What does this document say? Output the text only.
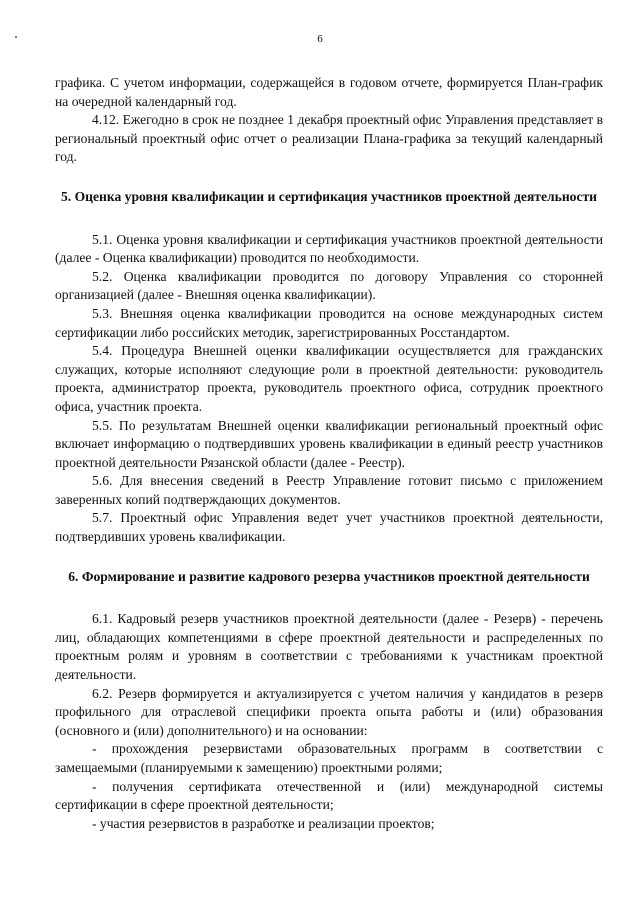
6

графика. С учетом информации, содержащейся в годовом отчете, формируется План-график на очередной календарный год.

4.12. Ежегодно в срок не позднее 1 декабря проектный офис Управления представляет в региональный проектный офис отчет о реализации Плана-графика за текущий календарный год.

5. Оценка уровня квалификации и сертификация участников проектной деятельности

5.1. Оценка уровня квалификации и сертификация участников проектной деятельности (далее - Оценка квалификации) проводится по необходимости.

5.2. Оценка квалификации проводится по договору Управления со сторонней организацией (далее - Внешняя оценка квалификации).

5.3. Внешняя оценка квалификации проводится на основе международных систем сертификации либо российских методик, зарегистрированных Росстандартом.

5.4. Процедура Внешней оценки квалификации осуществляется для гражданских служащих, которые исполняют следующие роли в проектной деятельности: руководитель проекта, администратор проекта, руководитель проектного офиса, сотрудник проектного офиса, участник проекта.

5.5. По результатам Внешней оценки квалификации региональный проектный офис включает информацию о подтвердивших уровень квалификации в единый реестр участников проектной деятельности Рязанской области (далее - Реестр).

5.6. Для внесения сведений в Реестр Управление готовит письмо с приложением заверенных копий подтверждающих документов.

5.7. Проектный офис Управления ведет учет участников проектной деятельности, подтвердивших уровень квалификации.

6. Формирование и развитие кадрового резерва участников проектной деятельности

6.1. Кадровый резерв участников проектной деятельности (далее - Резерв) - перечень лиц, обладающих компетенциями в сфере проектной деятельности и распределенных по проектным ролям и уровням в соответствии с требованиями к участникам проектной деятельности.

6.2. Резерв формируется и актуализируется с учетом наличия у кандидатов в резерв профильного для отраслевой специфики проекта опыта работы и (или) образования (основного и (или) дополнительного) и на основании:

- прохождения резервистами образовательных программ в соответствии с замещаемыми (планируемыми к замещению) проектными ролями;

- получения сертификата отечественной и (или) международной системы сертификации в сфере проектной деятельности;

- участия резервистов в разработке и реализации проектов;
